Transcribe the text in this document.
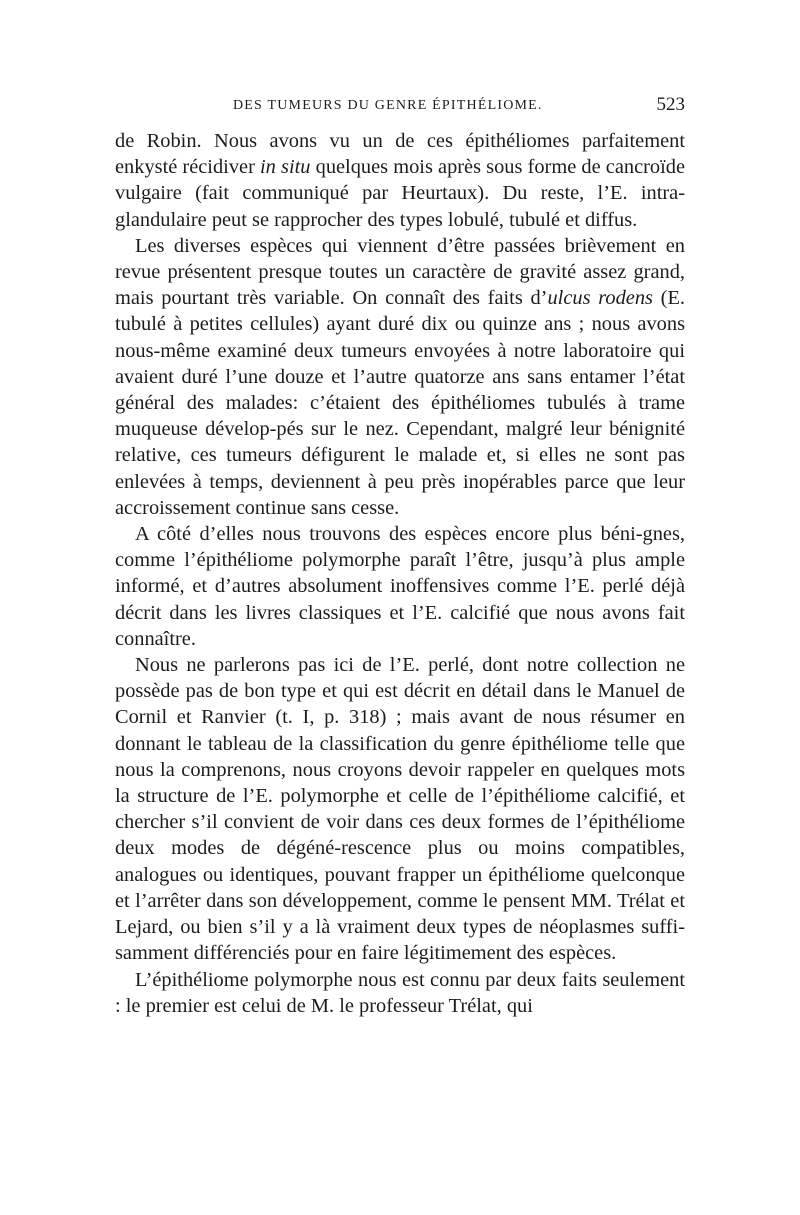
DES TUMEURS DU GENRE ÉPITHÉLIOME.	523

de Robin. Nous avons vu un de ces épithéliomes parfaitement enkysté récidiver in situ quelques mois après sous forme de cancroïde vulgaire (fait communiqué par Heurtaux). Du reste, l’E. intra-glandulaire peut se rapprocher des types lobulé, tubulé et diffus.

Les diverses espèces qui viennent d’être passées brièvement en revue présentent presque toutes un caractère de gravité assez grand, mais pourtant très variable. On connaît des faits d’ulcus rodens (E. tubulé à petites cellules) ayant duré dix ou quinze ans ; nous avons nous-même examiné deux tumeurs envoyées à notre laboratoire qui avaient duré l’une douze et l’autre quatorze ans sans entamer l’état général des malades: c’étaient des épithéliomes tubulés à trame muqueuse dévelop-pés sur le nez. Cependant, malgré leur bénignité relative, ces tumeurs défigurent le malade et, si elles ne sont pas enlevées à temps, deviennent à peu près inopérables parce que leur accroissement continue sans cesse.

A côté d’elles nous trouvons des espèces encore plus béni-gnes, comme l’épithéliome polymorphe paraît l’être, jusqu’à plus ample informé, et d’autres absolument inoffensives comme l’E. perlé déjà décrit dans les livres classiques et l’E. calcifié que nous avons fait connaître.

Nous ne parlerons pas ici de l’E. perlé, dont notre collection ne possède pas de bon type et qui est décrit en détail dans le Manuel de Cornil et Ranvier (t. I, p. 318) ; mais avant de nous résumer en donnant le tableau de la classification du genre épithéliome telle que nous la comprenons, nous croyons devoir rappeler en quelques mots la structure de l’E. polymorphe et celle de l’épithéliome calcifié, et chercher s’il convient de voir dans ces deux formes de l’épithéliome deux modes de dégéné-rescence plus ou moins compatibles, analogues ou identiques, pouvant frapper un épithéliome quelconque et l’arrêter dans son développement, comme le pensent MM. Trélat et Lejard, ou bien s’il y a là vraiment deux types de néoplasmes suffi-samment différenciés pour en faire légitimement des espèces.

L’épithéliome polymorphe nous est connu par deux faits seulement : le premier est celui de M. le professeur Trélat, qui
